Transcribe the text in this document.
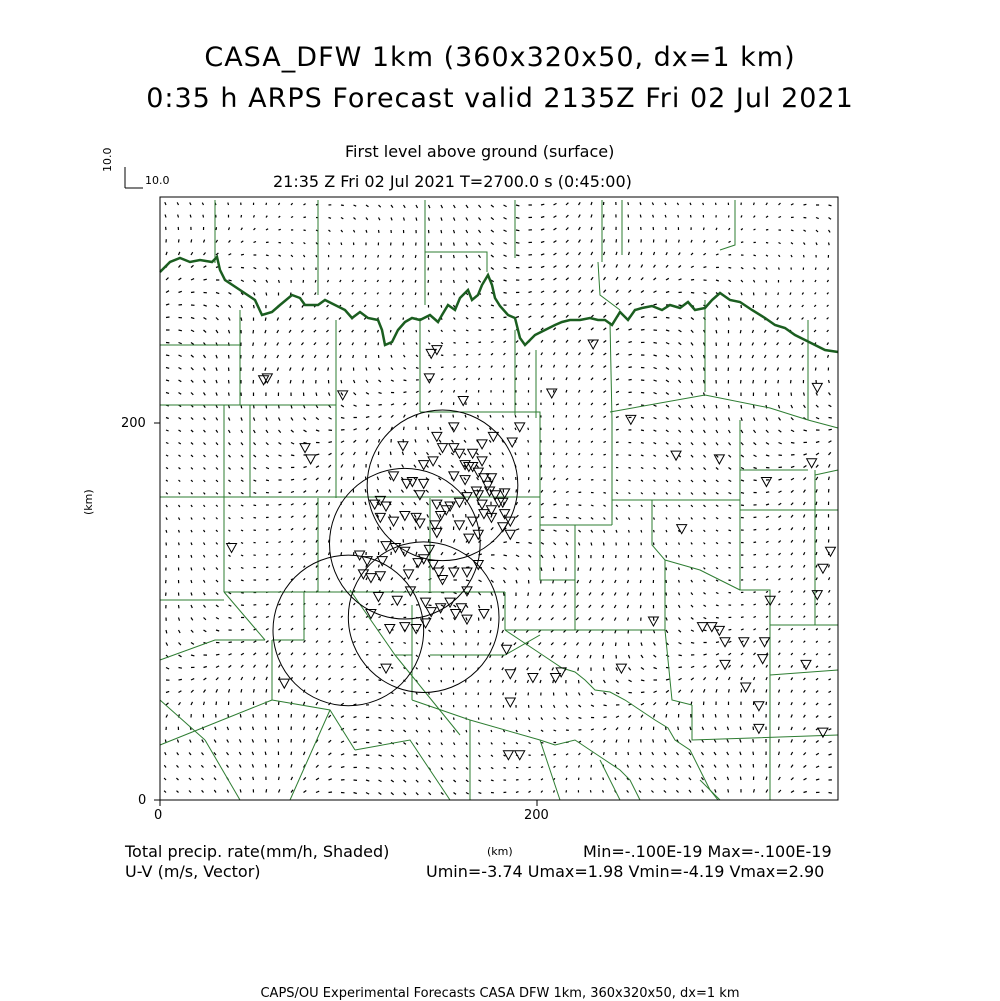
CASA_DFW 1km (360x320x50, dx=1 km)
0:35 h ARPS Forecast valid 2135Z Fri 02 Jul 2021
First level above ground (surface)
21:35 Z Fri 02 Jul 2021 T=2700.0 s (0:45:00)
10.0
10.0
200
0
0	200
(km)
(km)
Total precip. rate(mm/h, Shaded)	Min=-.100E-19 Max=-.100E-19
U-V (m/s, Vector)	Umin=-3.74 Umax=1.98 Vmin=-4.19 Vmax=2.90
CAPS/OU Experimental Forecasts CASA DFW 1km, 360x320x50, dx=1 km
